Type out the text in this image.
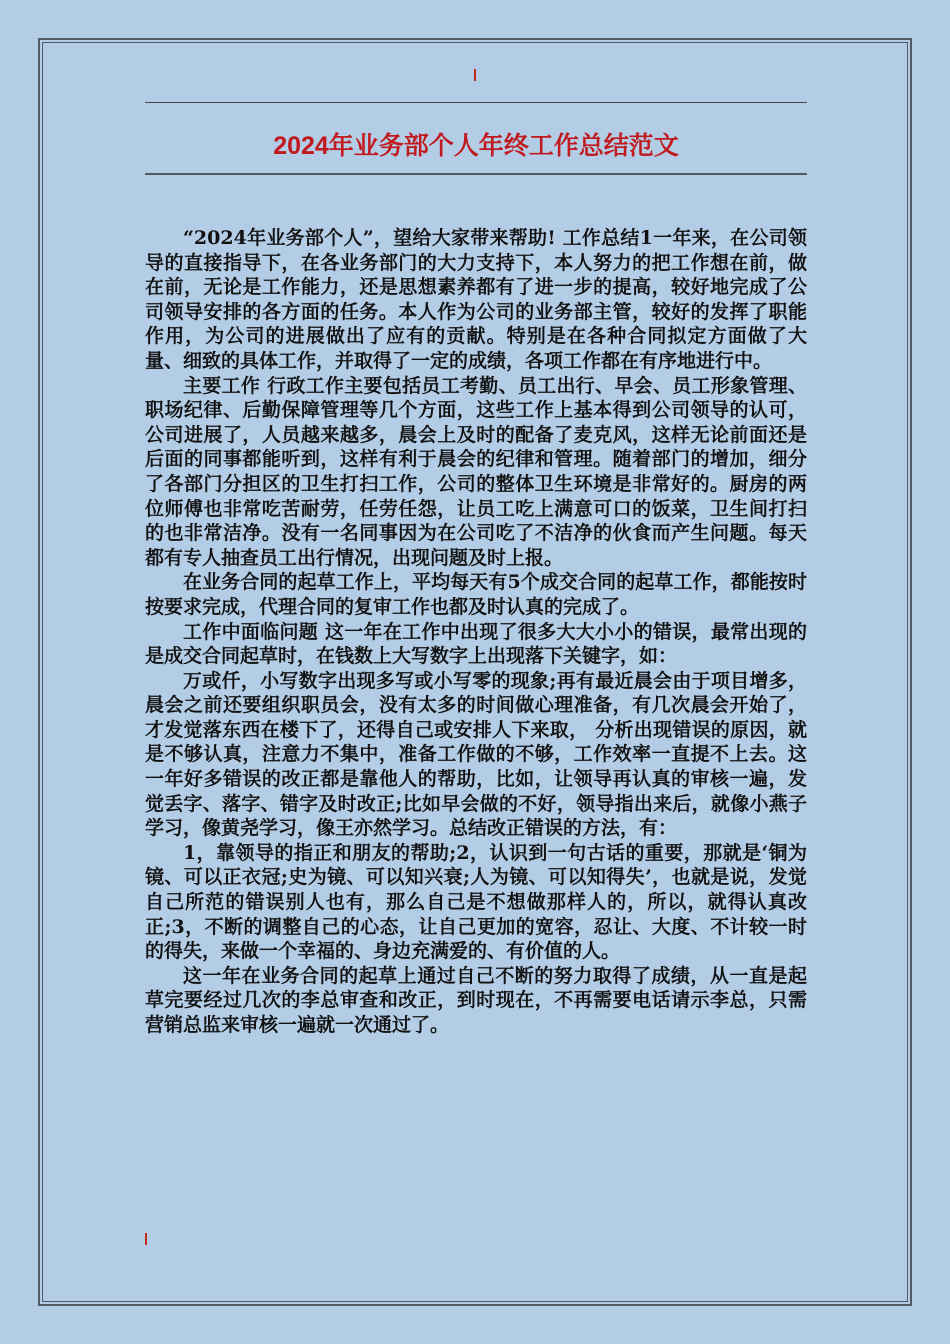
2024年业务部个人年终工作总结范文

“2024年业务部个人”，望给大家带来帮助! 工作总结1一年来，在公司领导的直接指导下，在各业务部门的大力支持下，本人努力的把工作想在前，做在前，无论是工作能力，还是思想素养都有了进一步的提高，较好地完成了公司领导安排的各方面的任务。本人作为公司的业务部主管，较好的发挥了职能作用，为公司的进展做出了应有的贡献。特别是在各种合同拟定方面做了大量、细致的具体工作，并取得了一定的成绩，各项工作都在有序地进行中。

主要工作 行政工作主要包括员工考勤、员工出行、早会、员工形象管理、职场纪律、后勤保障管理等几个方面，这些工作上基本得到公司领导的认可，公司进展了，人员越来越多，晨会上及时的配备了麦克风，这样无论前面还是后面的同事都能听到，这样有利于晨会的纪律和管理。随着部门的增加，细分了各部门分担区的卫生打扫工作，公司的整体卫生环境是非常好的。厨房的两位师傅也非常吃苦耐劳，任劳任怨，让员工吃上满意可口的饭菜，卫生间打扫的也非常洁净。没有一名同事因为在公司吃了不洁净的伙食而产生问题。每天都有专人抽查员工出行情况，出现问题及时上报。

在业务合同的起草工作上，平均每天有5个成交合同的起草工作，都能按时按要求完成，代理合同的复审工作也都及时认真的完成了。

工作中面临问题 这一年在工作中出现了很多大大小小的错误，最常出现的是成交合同起草时，在钱数上大写数字上出现落下关键字，如：

万或仟，小写数字出现多写或小写零的现象;再有最近晨会由于项目增多，晨会之前还要组织职员会，没有太多的时间做心理准备，有几次晨会开始了，才发觉落东西在楼下了，还得自己或安排人下来取， 分析出现错误的原因，就是不够认真，注意力不集中，准备工作做的不够，工作效率一直提不上去。这一年好多错误的改正都是靠他人的帮助，比如，让领导再认真的审核一遍，发觉丢字、落字、错字及时改正;比如早会做的不好，领导指出来后，就像小燕子学习，像黄尧学习，像王亦然学习。总结改正错误的方法，有：

1，靠领导的指正和朋友的帮助;2，认识到一句古话的重要，那就是‘铜为镜、可以正衣冠;史为镜、可以知兴衰;人为镜、可以知得失’，也就是说，发觉自己所范的错误别人也有，那么自己是不想做那样人的，所以，就得认真改正;3，不断的调整自己的心态，让自己更加的宽容，忍让、大度、不计较一时的得失，来做一个幸福的、身边充满爱的、有价值的人。

这一年在业务合同的起草上通过自己不断的努力取得了成绩，从一直是起草完要经过几次的李总审查和改正，到时现在，不再需要电话请示李总，只需营销总监来审核一遍就一次通过了。
